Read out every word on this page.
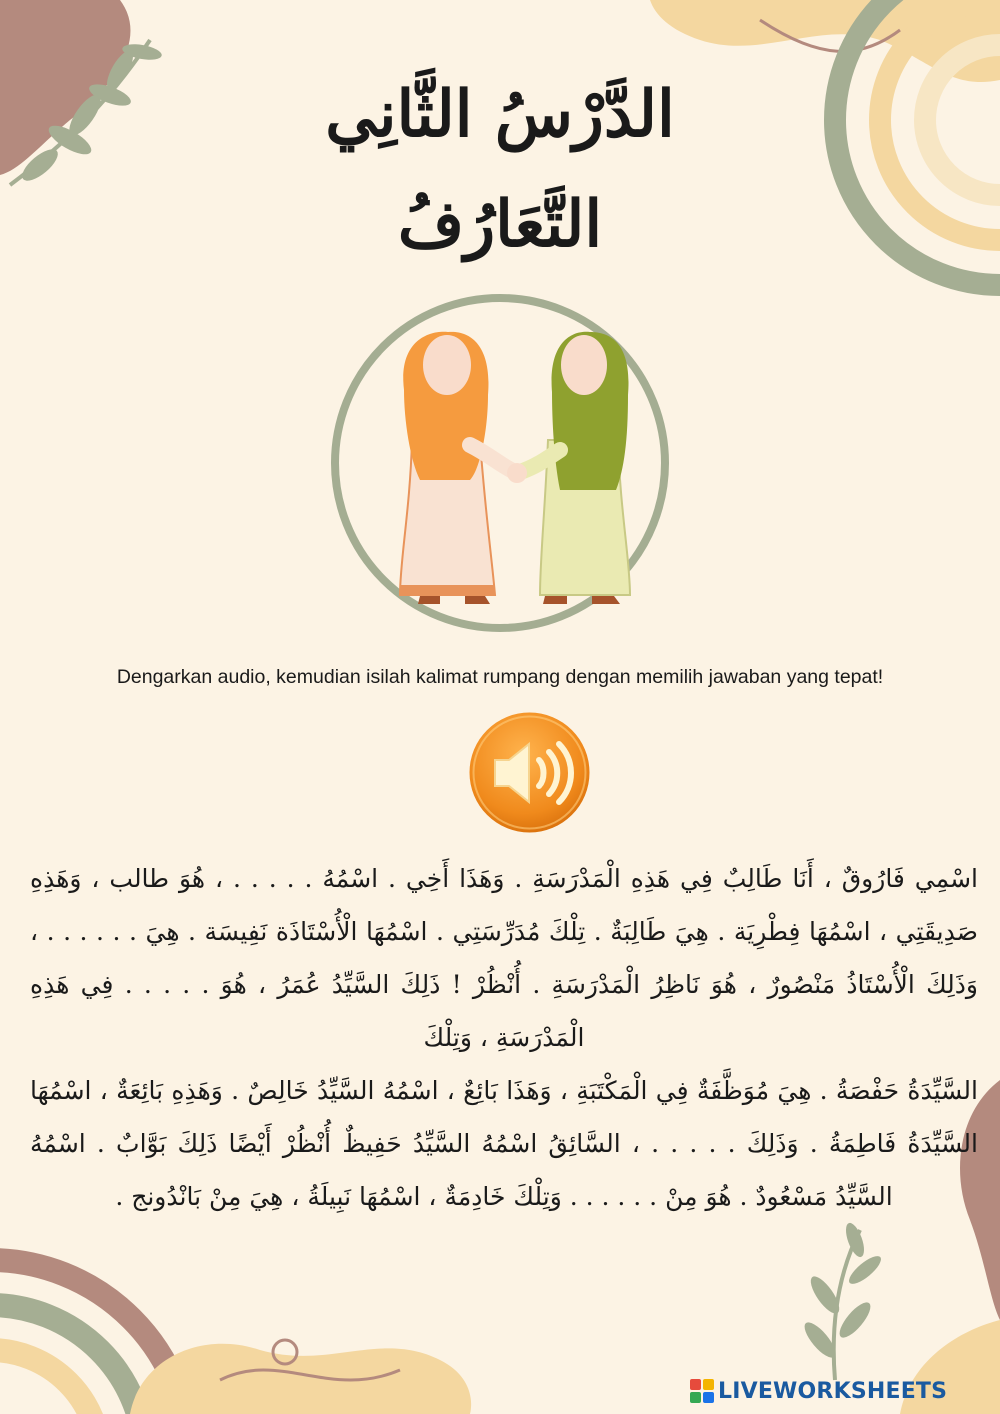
الدَّرْسُ الثَّانِي
التَّعَارُفُ
Dengarkan audio, kemudian isilah kalimat rumpang dengan memilih jawaban yang tepat!

اسْمِي فَارُوقٌ ، أَنَا طَالِبٌ فِي هَذِهِ الْمَدْرَسَةِ . وَهَذَا أَخِي . اسْمُهُ . . . . . ، هُوَ طالب ، وَهَذِهِ صَدِيقَتِي ، اسْمُهَا فِطْرِيَة . هِيَ طَالِبَةٌ . تِلْكَ مُدَرِّسَتِي . اسْمُهَا الْأُسْتَاذَة نَفِيسَة . هِيَ . . . . . . ، وَذَلِكَ الْأُسْتَاذُ مَنْصُورٌ ، هُوَ نَاظِرُ الْمَدْرَسَةِ . أُنْظُرْ ! ذَلِكَ السَّيِّدُ عُمَرُ ، هُوَ . . . . . فِي هَذِهِ الْمَدْرَسَةِ ، وَتِلْكَ

السَّيِّدَةُ حَفْصَةُ . هِيَ مُوَظَّفَةٌ فِي الْمَكْتَبَةِ ، وَهَذَا بَائِعٌ ، اسْمُهُ السَّيِّدُ خَالِصٌ . وَهَذِهِ بَائِعَةٌ ، اسْمُهَا السَّيِّدَةُ فَاطِمَةُ . وَذَلِكَ . . . . . ، السَّائِقُ اسْمُهُ السَّيِّدُ حَفِيظٌ أُنْظُرْ أَيْضًا ذَلِكَ بَوَّابٌ . اسْمُهُ السَّيِّدُ مَسْعُودٌ . هُوَ مِنْ . . . . . . وَتِلْكَ خَادِمَةٌ ، اسْمُهَا نَبِيلَةُ ، هِيَ مِنْ بَانْدُونج .

LIVEWORKSHEETS
